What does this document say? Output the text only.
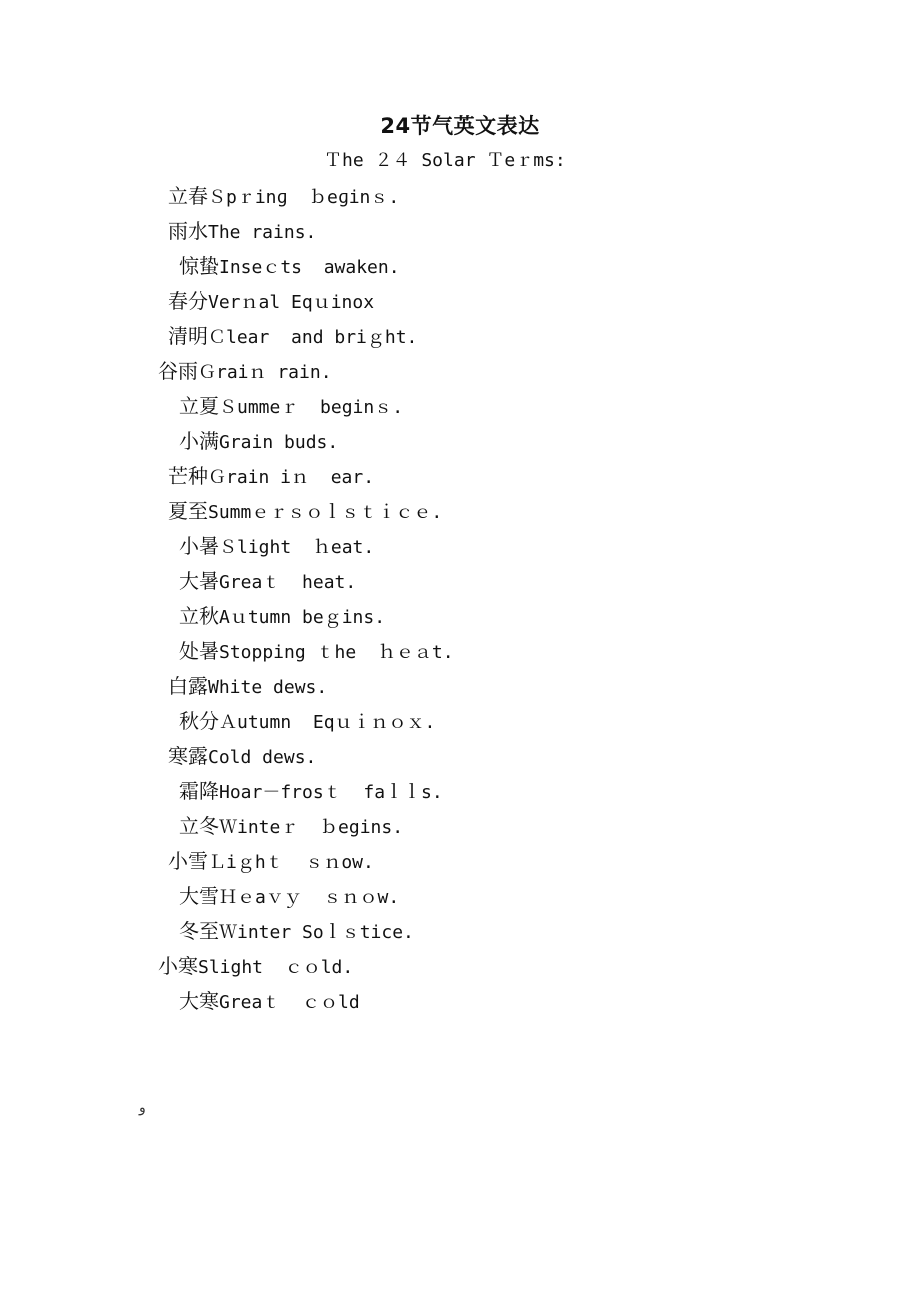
24节气英文表达
Ｔhe ２４ Solar Ｔeｒms:
立春Ｓpｒinɡ  ｂeɡinｓ.
雨水The rains.
惊蛰Inseｃts  awaken.
春分Verｎal Eqｕinox
清明Ｃlear  and briｇht.
谷雨Ｇraiｎ rain.
立夏Ｓummeｒ  beginｓ.
小满Grain buds.
芒种Ｇrain iｎ  ear.
夏至Summｅｒｓｏｌｓｔｉｃｅ.
小暑Ｓlight  ｈeat.
大暑Greaｔ  heat.
立秋Aｕtumn beｇins.
处暑Stopping ｔhe  ｈｅａt.
白露White dews.
秋分Ａutumn  Eqｕｉｎｏｘ.
寒露Cold dews.
霜降Hoar－frosｔ  faｌｌs.
立冬Ｗinteｒ  ｂegins.
小雪Ｌiｇhｔ  ｓｎow.
大雪Ｈｅaｖｙ  ｓｎｏw.
冬至Ｗinter Soｌｓtice.
小寒Slight  ｃｏld.
大寒Greaｔ  ｃｏld
و
